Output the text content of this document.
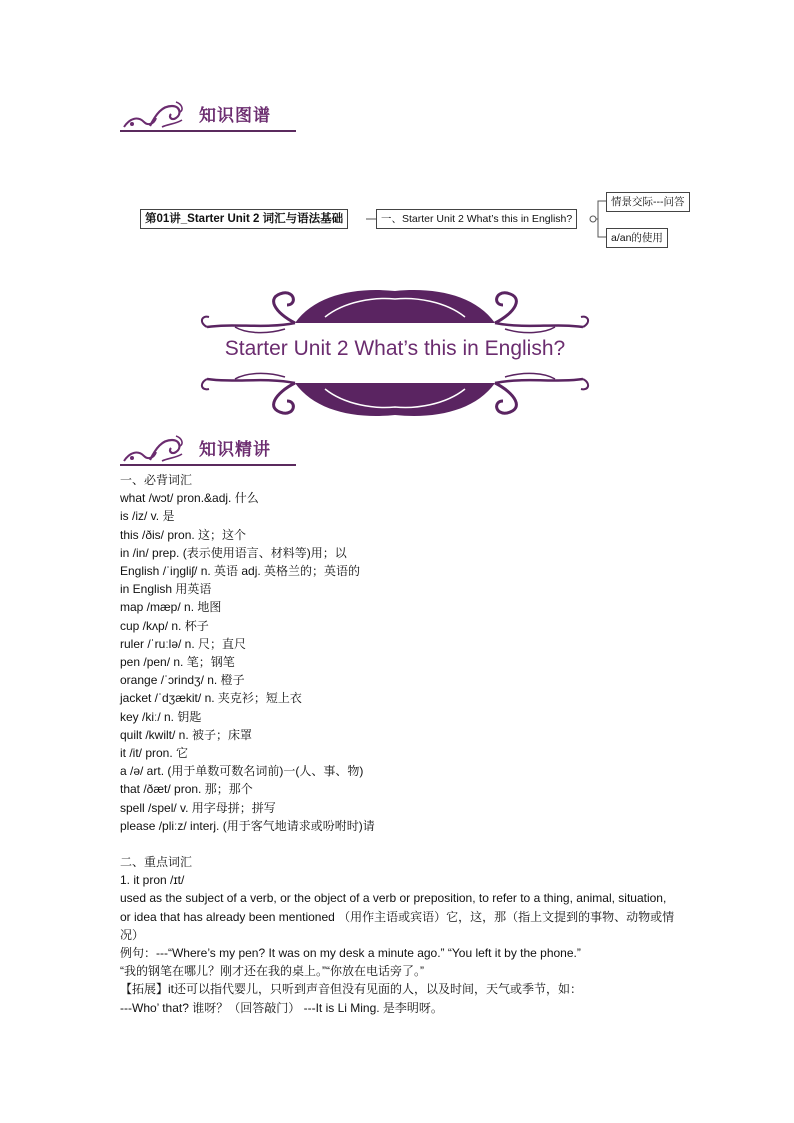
知识图谱
第01讲_Starter Unit 2 词汇与语法基础	一、Starter Unit 2 What’s this in English?
情景交际---问答
a/an的使用
Starter Unit 2 What’s this in English?
知识精讲
一、必背词汇
what /wɔt/ pron.&adj. 什么
is /iz/ v. 是
this /ðis/ pron. 这；这个
in /in/ prep. (表示使用语言、材料等)用；以
English /ˈiŋgliʃ/ n. 英语 adj. 英格兰的；英语的
in English 用英语
map /mæp/ n. 地图
cup /kʌp/ n. 杯子
ruler /ˈruːlə/ n. 尺；直尺
pen /pen/ n. 笔；钢笔
orange /ˈɔrindʒ/ n. 橙子
jacket /ˈdʒækit/ n. 夹克衫；短上衣
key /kiː/ n. 钥匙
quilt /kwilt/ n. 被子；床罩
it /it/ pron. 它
a /ə/ art. (用于单数可数名词前)一(人、事、物)
that /ðæt/ pron. 那；那个
spell /spel/ v. 用字母拼；拼写
please /pliːz/ interj. (用于客气地请求或吩咐时)请
二、重点词汇
1. it pron /ɪt/
used as the subject of a verb, or the object of a verb or preposition, to refer to a thing, animal, situation, or idea that has already been mentioned （用作主语或宾语）它，这，那（指上文提到的事物、动物或情况）
例句：---“Where’s my pen? It was on my desk a minute ago.” “You left it by the phone.”
“我的钢笔在哪儿？刚才还在我的桌上。”“你放在电话旁了。”
【拓展】it还可以指代婴儿，只听到声音但没有见面的人，以及时间，天气或季节，如：
---Who’ that? 谁呀？（回答敲门） ---It is Li Ming. 是李明呀。
